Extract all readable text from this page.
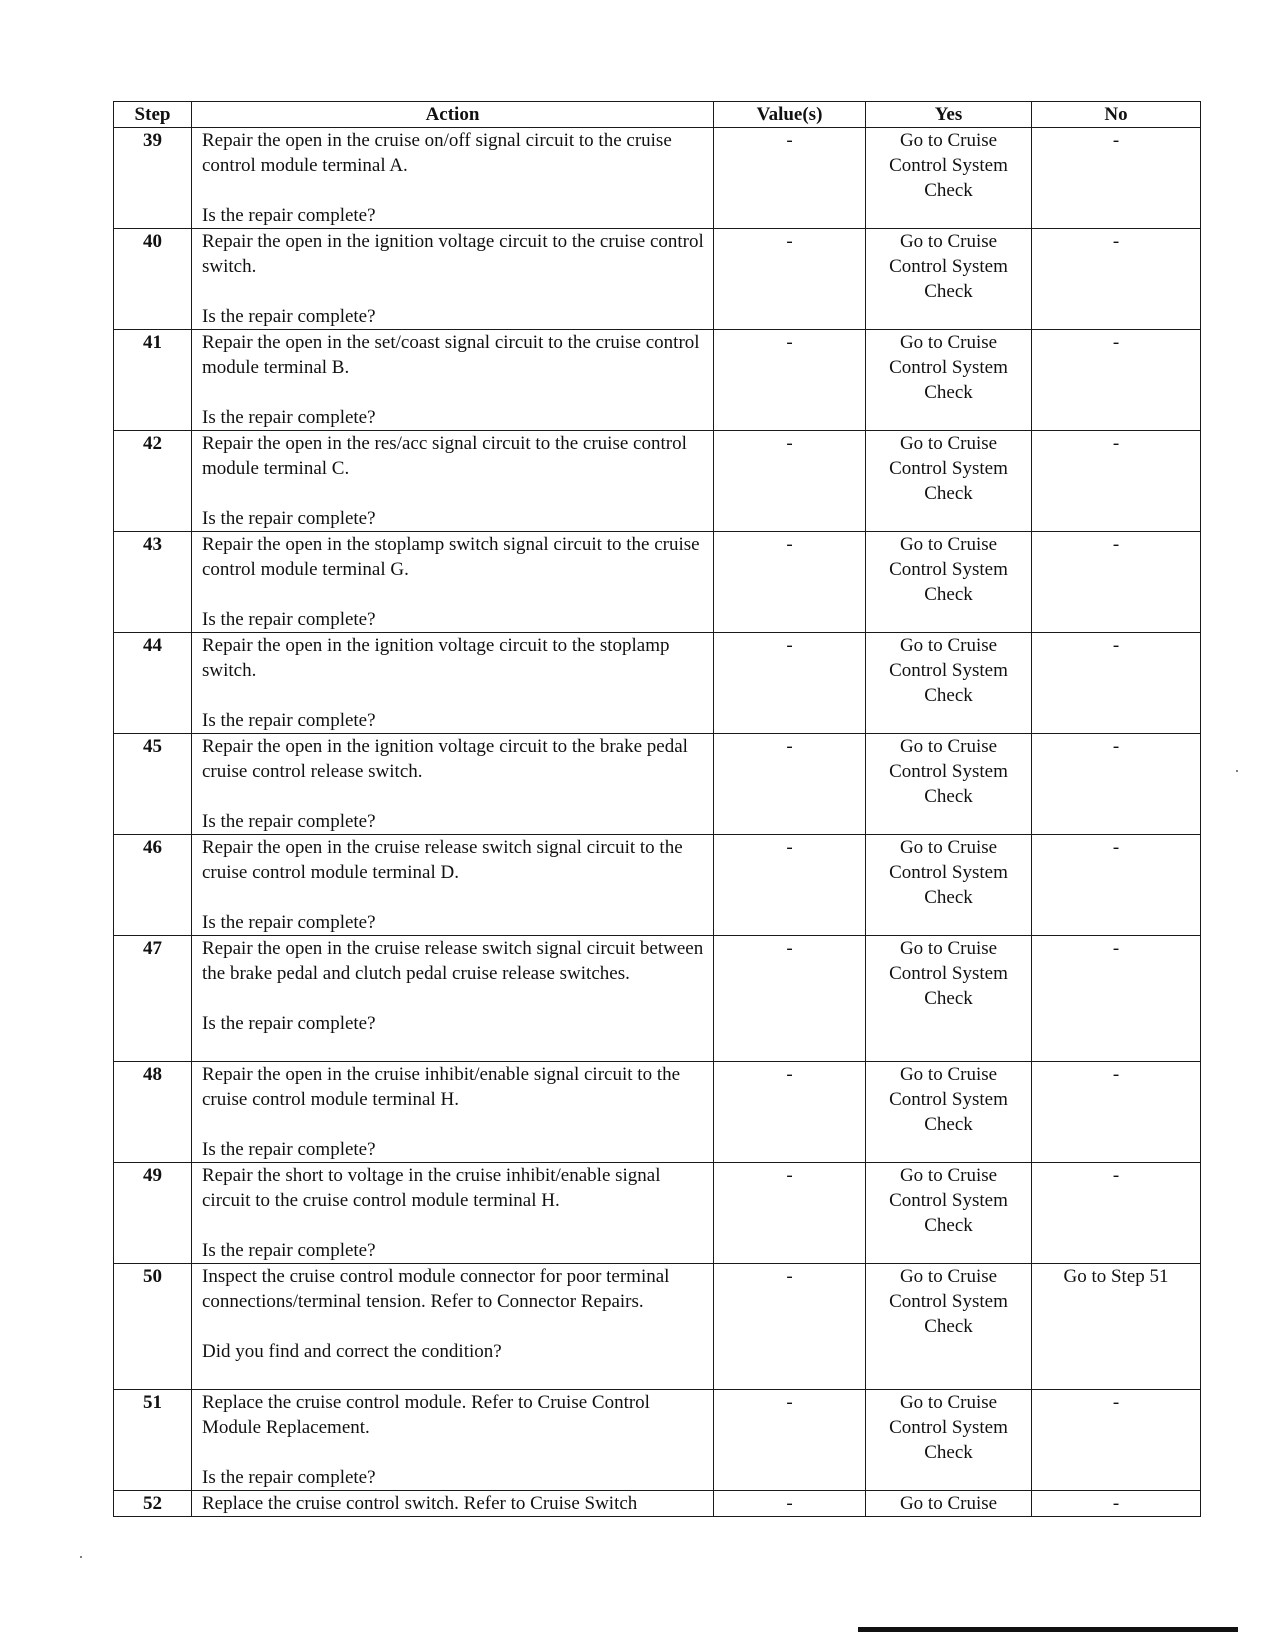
Step	Action	Value(s)	Yes	No
39	Repair the open in the cruise on/off signal circuit to the cruise control module terminal A.
Is the repair complete?	-	Go to Cruise Control System Check	-
40	Repair the open in the ignition voltage circuit to the cruise control switch.
Is the repair complete?	-	Go to Cruise Control System Check	-
41	Repair the open in the set/coast signal circuit to the cruise control module terminal B.
Is the repair complete?	-	Go to Cruise Control System Check	-
42	Repair the open in the res/acc signal circuit to the cruise control module terminal C.
Is the repair complete?	-	Go to Cruise Control System Check	-
43	Repair the open in the stoplamp switch signal circuit to the cruise control module terminal G.
Is the repair complete?	-	Go to Cruise Control System Check	-
44	Repair the open in the ignition voltage circuit to the stoplamp switch.
Is the repair complete?	-	Go to Cruise Control System Check	-
45	Repair the open in the ignition voltage circuit to the brake pedal cruise control release switch.
Is the repair complete?	-	Go to Cruise Control System Check	-
46	Repair the open in the cruise release switch signal circuit to the cruise control module terminal D.
Is the repair complete?	-	Go to Cruise Control System Check	-
47	Repair the open in the cruise release switch signal circuit between the brake pedal and clutch pedal cruise release switches.
Is the repair complete?	-	Go to Cruise Control System Check	-
48	Repair the open in the cruise inhibit/enable signal circuit to the cruise control module terminal H.
Is the repair complete?	-	Go to Cruise Control System Check	-
49	Repair the short to voltage in the cruise inhibit/enable signal circuit to the cruise control module terminal H.
Is the repair complete?	-	Go to Cruise Control System Check	-
50	Inspect the cruise control module connector for poor terminal connections/terminal tension. Refer to Connector Repairs.
Did you find and correct the condition?	-	Go to Cruise Control System Check	Go to Step 51
51	Replace the cruise control module. Refer to Cruise Control Module Replacement.
Is the repair complete?	-	Go to Cruise Control System Check	-
52	Replace the cruise control switch. Refer to Cruise Switch	-	Go to Cruise	-
